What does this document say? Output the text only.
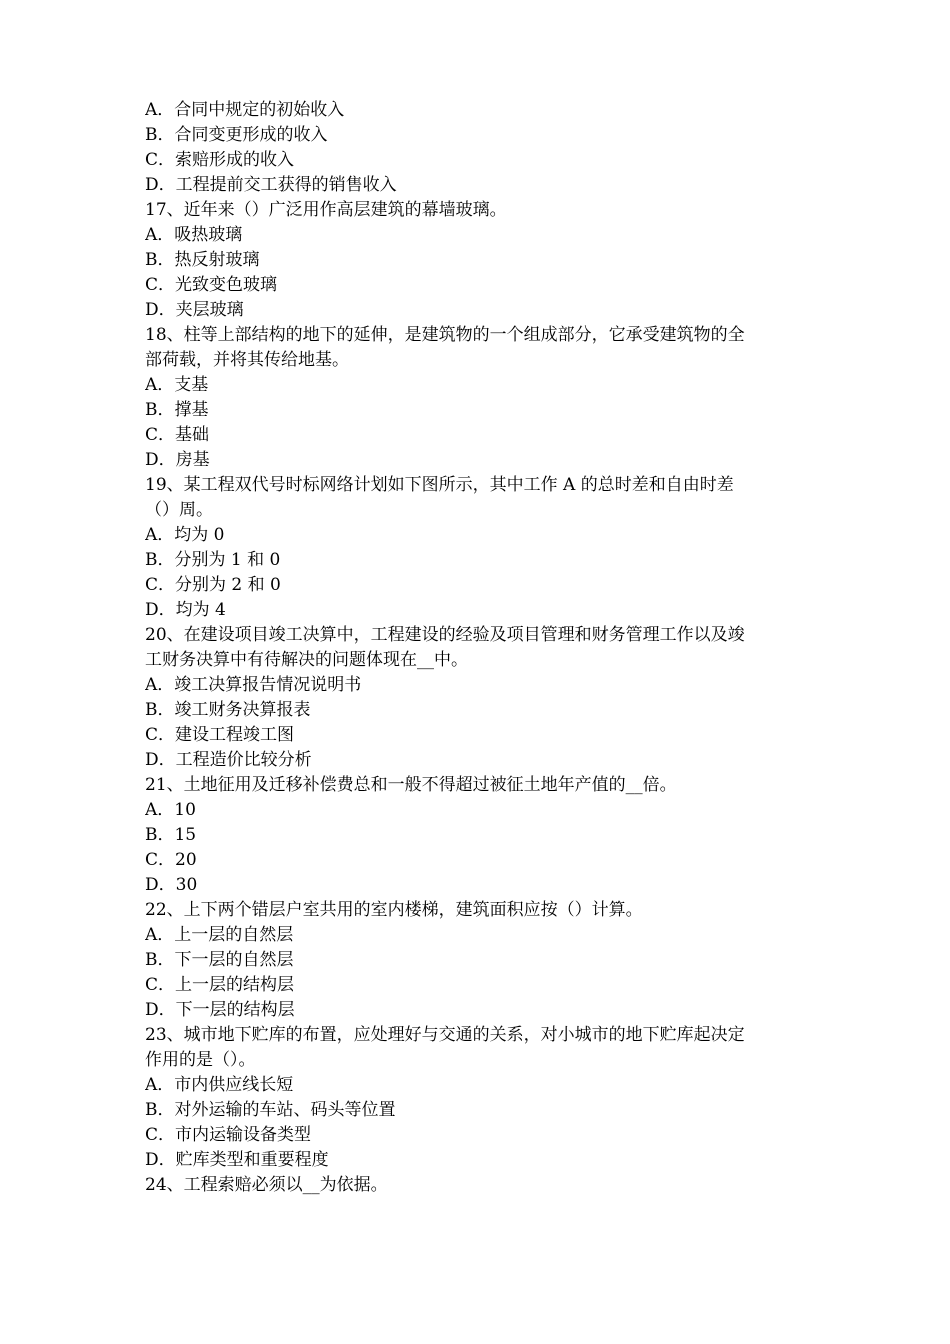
A．合同中规定的初始收入
B．合同变更形成的收入
C．索赔形成的收入
D．工程提前交工获得的销售收入
17、近年来（）广泛用作高层建筑的幕墙玻璃。
A．吸热玻璃
B．热反射玻璃
C．光致变色玻璃
D．夹层玻璃
18、柱等上部结构的地下的延伸，是建筑物的一个组成部分，它承受建筑物的全
部荷载，并将其传给地基。
A．支基
B．撑基
C．基础
D．房基
19、某工程双代号时标网络计划如下图所示，其中工作 A 的总时差和自由时差
（）周。
A．均为 0
B．分别为 1 和 0
C．分别为 2 和 0
D．均为 4
20、在建设项目竣工决算中，工程建设的经验及项目管理和财务管理工作以及竣
工财务决算中有待解决的问题体现在__中。
A．竣工决算报告情况说明书
B．竣工财务决算报表
C．建设工程竣工图
D．工程造价比较分析
21、土地征用及迁移补偿费总和一般不得超过被征土地年产值的__倍。
A．10
B．15
C．20
D．30
22、上下两个错层户室共用的室内楼梯，建筑面积应按（）计算。
A．上一层的自然层
B．下一层的自然层
C．上一层的结构层
D．下一层的结构层
23、城市地下贮库的布置，应处理好与交通的关系，对小城市的地下贮库起决定
作用的是（）。
A．市内供应线长短
B．对外运输的车站、码头等位置
C．市内运输设备类型
D．贮库类型和重要程度
24、工程索赔必须以__为依据。
